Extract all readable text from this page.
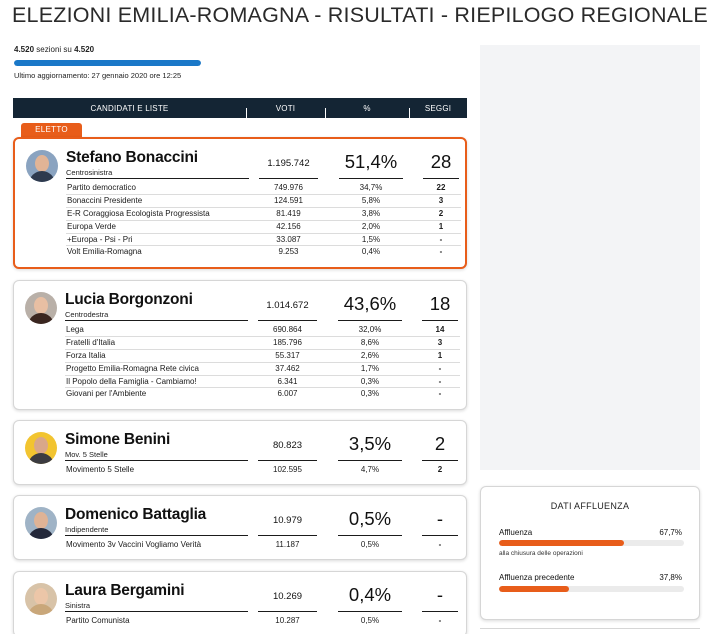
ELEZIONI EMILIA-ROMAGNA - RISULTATI - RIEPILOGO REGIONALE
4.520 sezioni su 4.520
Ultimo aggiornamento: 27 gennaio 2020 ore 12:25
CANDIDATI E LISTE	VOTI	%	SEGGI
ELETTO
Stefano Bonaccini
Centrosinistra
1.195.742	51,4%	28
Partito democratico	749.976	34,7%	22
Bonaccini Presidente	124.591	5,8%	3
E-R Coraggiosa Ecologista Progressista	81.419	3,8%	2
Europa Verde	42.156	2,0%	1
+Europa - Psi - Pri	33.087	1,5%	-
Volt Emilia-Romagna	9.253	0,4%	-
Lucia Borgonzoni
Centrodestra
1.014.672	43,6%	18
Lega	690.864	32,0%	14
Fratelli d'Italia	185.796	8,6%	3
Forza Italia	55.317	2,6%	1
Progetto Emilia-Romagna Rete civica	37.462	1,7%	-
Il Popolo della Famiglia - Cambiamo!	6.341	0,3%	-
Giovani per l'Ambiente	6.007	0,3%	-
Simone Benini
Mov. 5 Stelle
80.823	3,5%	2
Movimento 5 Stelle	102.595	4,7%	2
Domenico Battaglia
Indipendente
10.979	0,5%	-
Movimento 3v Vaccini Vogliamo Verità	11.187	0,5%	-
Laura Bergamini
Sinistra
10.269	0,4%	-
Partito Comunista	10.287	0,5%	-
DATI AFFLUENZA
Affluenza	67,7%
alla chiusura delle operazioni
Affluenza precedente	37,8%
